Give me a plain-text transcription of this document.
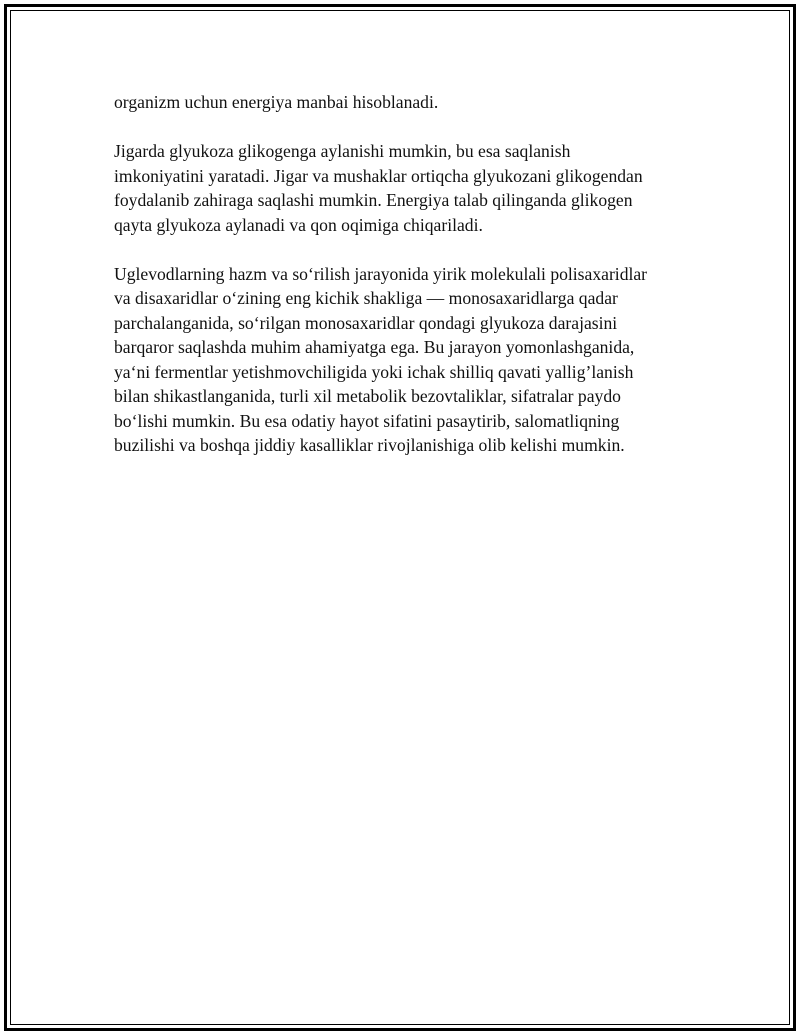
organizm uchun energiya manbai hisoblanadi.

Jigarda glyukoza glikogenga aylanishi mumkin, bu esa saqlanish
imkoniyatini yaratadi. Jigar va mushaklar ortiqcha glyukozani glikogendan
foydalanib zahiraga saqlashi mumkin. Energiya talab qilinganda glikogen
qayta glyukoza aylanadi va qon oqimiga chiqariladi.

Uglevodlarning hazm va so‘rilish jarayonida yirik molekulali polisaxaridlar
va disaxaridlar o‘zining eng kichik shakliga — monosaxaridlarga qadar
parchalanganida, so‘rilgan monosaxaridlar qondagi glyukoza darajasini
barqaror saqlashda muhim ahamiyatga ega. Bu jarayon yomonlashganida,
ya‘ni fermentlar yetishmovchiligida yoki ichak shilliq qavati yallig’lanish
bilan shikastlanganida, turli xil metabolik bezovtaliklar, sifatralar paydo
bo‘lishi mumkin. Bu esa odatiy hayot sifatini pasaytirib, salomatliqning
buzilishi va boshqa jiddiy kasalliklar rivojlanishiga olib kelishi mumkin.
